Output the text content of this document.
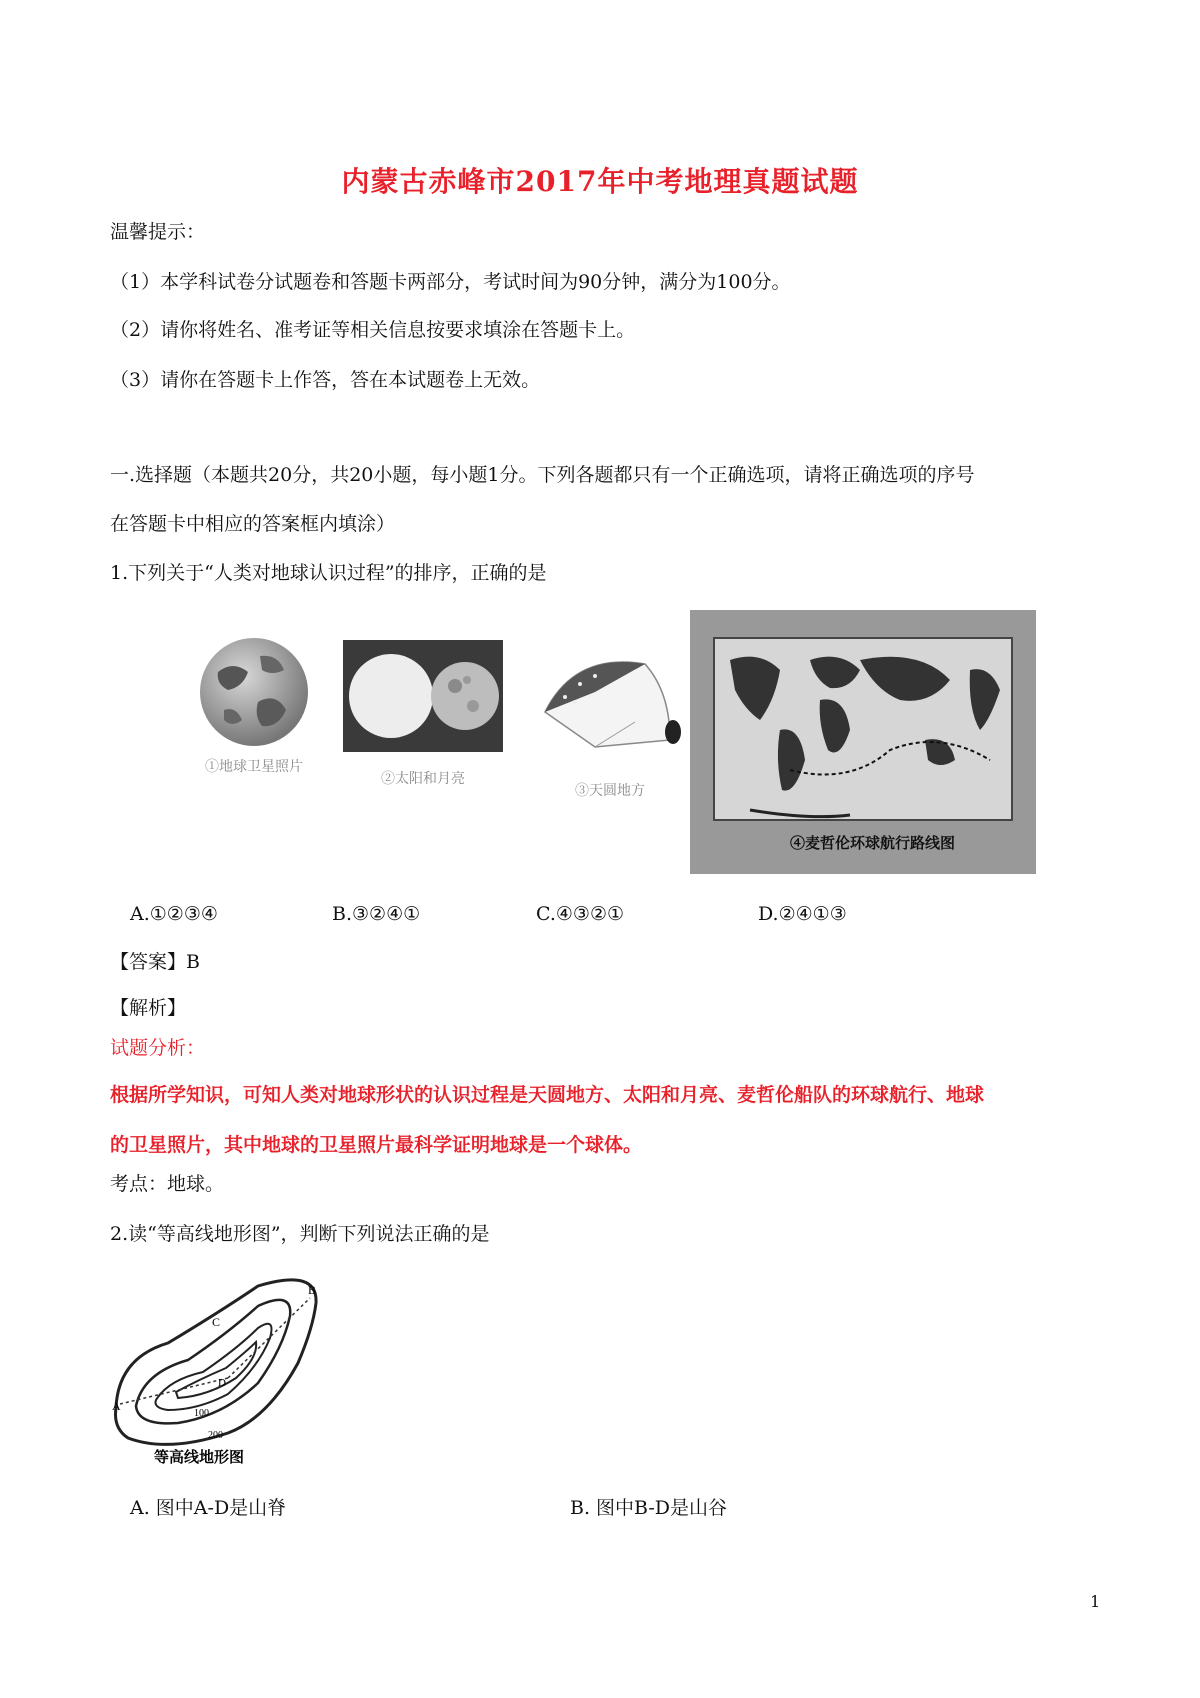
内蒙古赤峰市2017年中考地理真题试题
温馨提示：
（1）本学科试卷分试题卷和答题卡两部分，考试时间为90分钟，满分为100分。
（2）请你将姓名、准考证等相关信息按要求填涂在答题卡上。
（3）请你在答题卡上作答，答在本试题卷上无效。
一.选择题（本题共20分，共20小题，每小题1分。下列各题都只有一个正确选项，请将正确选项的序号
在答题卡中相应的答案框内填涂）
1.下列关于“人类对地球认识过程”的排序，正确的是
①地球卫星照片
②太阳和月亮
③天圆地方
④麦哲伦环球航行路线图
A.①②③④	B.③②④①	C.④③②①	D.②④①③
【答案】B
【解析】
试题分析：
根据所学知识，可知人类对地球形状的认识过程是天圆地方、太阳和月亮、麦哲伦船队的环球航行、地球
的卫星照片，其中地球的卫星照片最科学证明地球是一个球体。
考点：地球。
2.读“等高线地形图”，判断下列说法正确的是
A
B
C
D
100
200
等高线地形图
A. 图中A-D是山脊	B. 图中B-D是山谷
1
